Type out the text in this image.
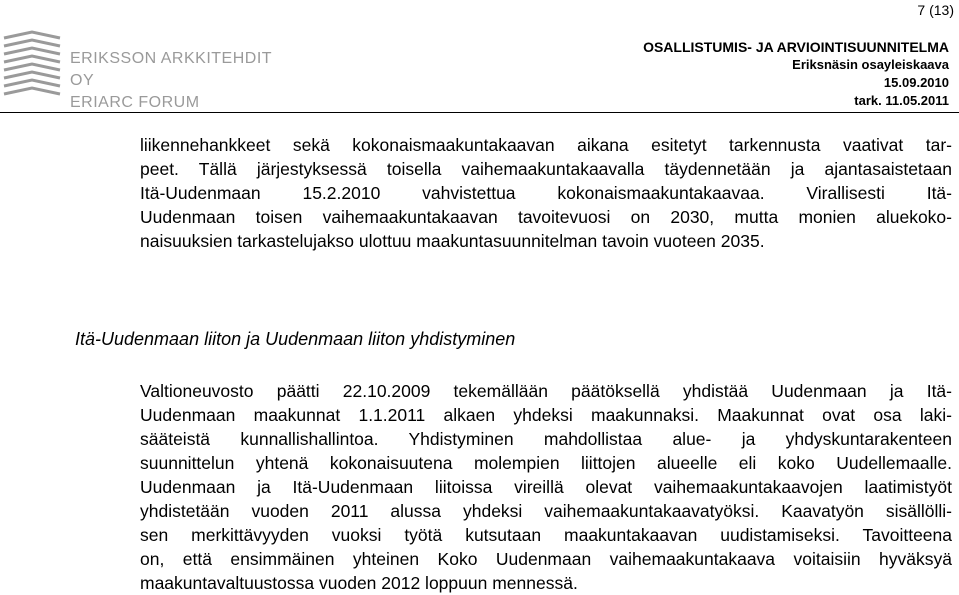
7 (13)
ERIKSSON ARKKITEHDIT OY
ERIARC FORUM
OSALLISTUMIS- JA ARVIOINTISUUNNITELMA
Eriksnäsin osayleiskaava
15.09.2010
tark. 11.05.2011

liikennehankkeet sekä kokonaismaakuntakaavan aikana esitetyt tarkennusta vaativat tar-
peet. Tällä järjestyksessä toisella vaihemaakuntakaavalla täydennetään ja ajantasaistetaan
Itä-Uudenmaan 15.2.2010 vahvistettua kokonaismaakuntakaavaa. Virallisesti Itä-
Uudenmaan toisen vaihemaakuntakaavan tavoitevuosi on 2030, mutta monien aluekoko-
naisuuksien tarkastelujakso ulottuu maakuntasuunnitelman tavoin vuoteen 2035.

Itä-Uudenmaan liiton ja Uudenmaan liiton yhdistyminen

Valtioneuvosto päätti 22.10.2009 tekemällään päätöksellä yhdistää Uudenmaan ja Itä-
Uudenmaan maakunnat 1.1.2011 alkaen yhdeksi maakunnaksi. Maakunnat ovat osa laki-
sääteistä kunnallishallintoa. Yhdistyminen mahdollistaa alue- ja yhdyskuntarakenteen
suunnittelun yhtenä kokonaisuutena molempien liittojen alueelle eli koko Uudellemaalle.
Uudenmaan ja Itä-Uudenmaan liitoissa vireillä olevat vaihemaakuntakaavojen laatimistyöt
yhdistetään vuoden 2011 alussa yhdeksi vaihemaakuntakaavatyöksi. Kaavatyön sisällölli-
sen merkittävyyden vuoksi työtä kutsutaan maakuntakaavan uudistamiseksi. Tavoitteena
on, että ensimmäinen yhteinen Koko Uudenmaan vaihemaakuntakaava voitaisiin hyväksyä
maakuntavaltuustossa vuoden 2012 loppuun mennessä.
